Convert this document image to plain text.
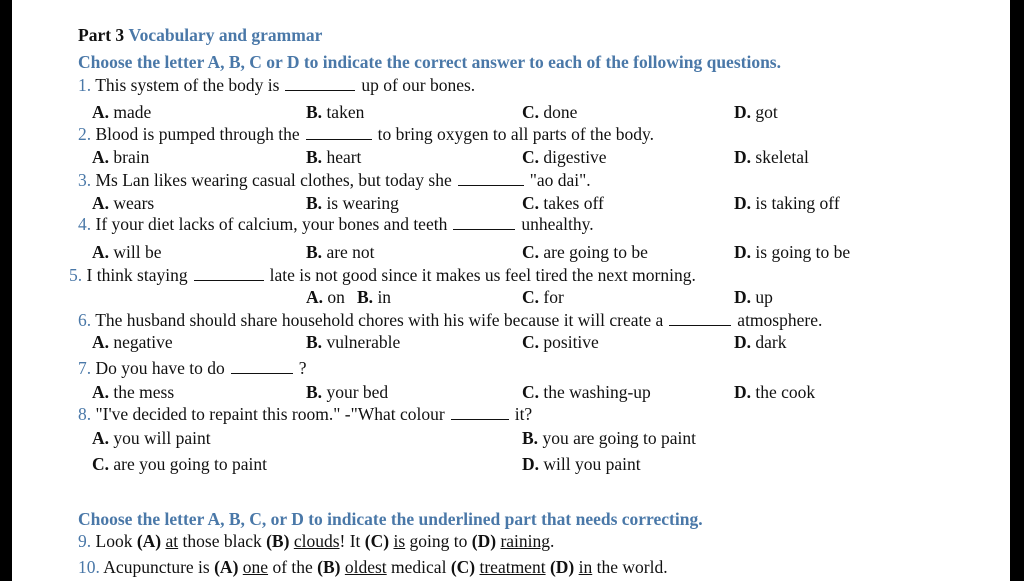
Part 3 Vocabulary and grammar
Choose the letter A, B, C or D to indicate the correct answer to each of the following questions.
1. This system of the body is	up of our bones.
A. made	B. taken	C. done	D. got
2. Blood is pumped through the	to bring oxygen to all parts of the body.
A. brain	B. heart	C. digestive	D. skeletal
3. Ms Lan likes wearing casual clothes, but today she	"ao dai".
A. wears	B. is wearing	C. takes off	D. is taking off
4. If your diet lacks of calcium, your bones and teeth	unhealthy.
A. will be	B. are not	C. are going to be	D. is going to be
5. I think staying	late is not good since it makes us feel tired the next morning.
A. on B. in	C. for	D. up
6. The husband should share household chores with his wife because it will create a	atmosphere.
A. negative	B. vulnerable	C. positive	D. dark
7. Do you have to do	?
A. the mess	B. your bed	C. the washing-up	D. the cook
8. "I've decided to repaint this room." -"What colour	it?
A. you will paint	B. you are going to paint
C. are you going to paint	D. will you paint
Choose the letter A, B, C, or D to indicate the underlined part that needs correcting.
9. Look (A) at those black (B) clouds! It (C) is going to (D) raining.
10. Acupuncture is (A) one of the (B) oldest medical (C) treatment (D) in the world.
